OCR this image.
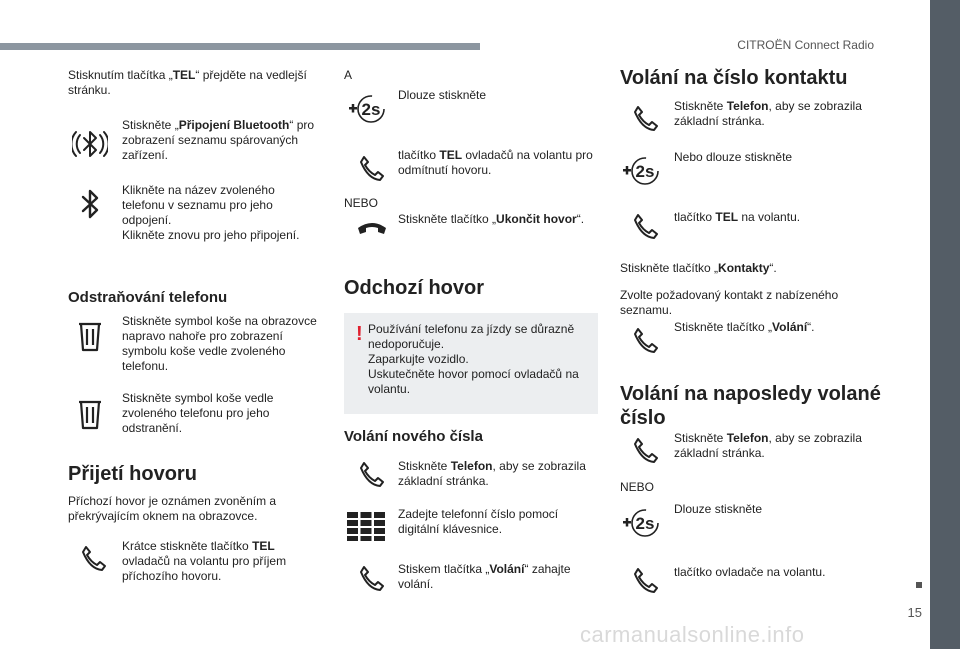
CITROËN Connect Radio
15
carmanualsonline.info
Stisknutím tlačítka „TEL“ přejděte na vedlejší stránku.
Stiskněte „Připojení Bluetooth“ pro zobrazení seznamu spárovaných zařízení.
Klikněte na název zvoleného telefonu v seznamu pro jeho odpojení.
Klikněte znovu pro jeho připojení.
Odstraňování telefonu
Stiskněte symbol koše na obrazovce napravo nahoře pro zobrazení symbolu koše vedle zvoleného telefonu.
Stiskněte symbol koše vedle zvoleného telefonu pro jeho odstranění.
Přijetí hovoru
Příchozí hovor je oznámen zvoněním a překrývajícím oknem na obrazovce.
Krátce stiskněte tlačítko TEL ovladačů na volantu pro příjem příchozího hovoru.
A
2s
Dlouze stiskněte
tlačítko TEL ovladačů na volantu pro odmítnutí hovoru.
NEBO
Stiskněte tlačítko „Ukončit hovor“.
Odchozí hovor
! Používání telefonu za jízdy se důrazně nedoporučuje.
Zaparkujte vozidlo.
Uskutečněte hovor pomocí ovladačů na volantu.
Volání nového čísla
Stiskněte Telefon, aby se zobrazila základní stránka.
Zadejte telefonní číslo pomocí digitální klávesnice.
Stiskem tlačítka „Volání“ zahajte volání.
Volání na číslo kontaktu
Stiskněte Telefon, aby se zobrazila základní stránka.
2s
Nebo dlouze stiskněte
tlačítko TEL na volantu.
Stiskněte tlačítko „Kontakty“.
Zvolte požadovaný kontakt z nabízeného seznamu.
Stiskněte tlačítko „Volání“.
Volání na naposledy volané
číslo
Stiskněte Telefon, aby se zobrazila základní stránka.
NEBO
2s
Dlouze stiskněte
tlačítko ovladače na volantu.
